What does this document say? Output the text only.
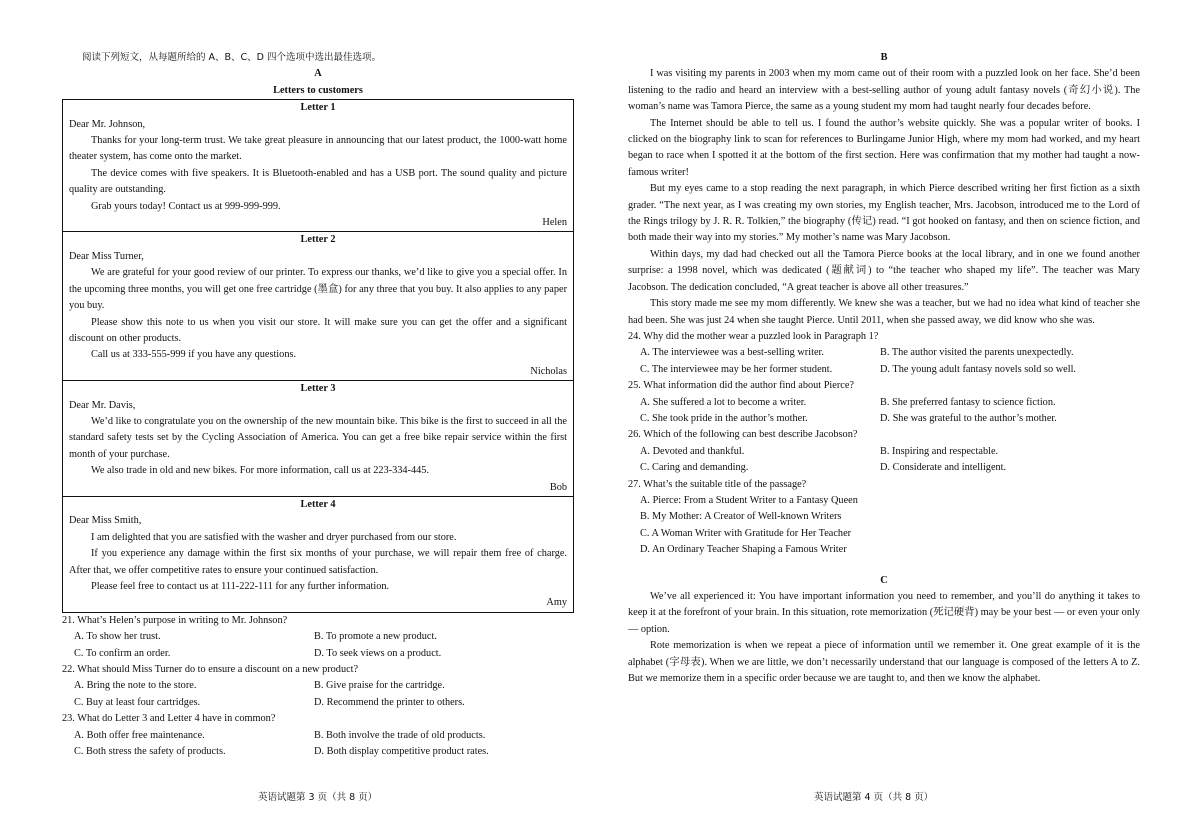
阅读下列短文，从每题所给的 A、B、C、D 四个选项中选出最佳选项。
A
Letters to customers
Letter 1

Dear Mr. Johnson,

Thanks for your long-term trust. We take great pleasure in announcing that our latest product, the 1000-watt home theater system, has come onto the market.

The device comes with five speakers. It is Bluetooth-enabled and has a USB port. The sound quality and picture quality are outstanding.

Grab yours today! Contact us at 999-999-999.

Helen
Letter 2

Dear Miss Turner,

We are grateful for your good review of our printer. To express our thanks, we’d like to give you a special offer. In the upcoming three months, you will get one free cartridge (墨盒) for any three that you buy. It also applies to any paper you buy.

Please show this note to us when you visit our store. It will make sure you can get the offer and a significant discount on other products.

Call us at 333-555-999 if you have any questions.

Nicholas
Letter 3

Dear Mr. Davis,

We’d like to congratulate you on the ownership of the new mountain bike. This bike is the first to succeed in all the standard safety tests set by the Cycling Association of America. You can get a free bike repair service within the first month of your purchase.

We also trade in old and new bikes. For more information, call us at 223-334-445.

Bob
Letter 4

Dear Miss Smith,

I am delighted that you are satisfied with the washer and dryer purchased from our store.

If you experience any damage within the first six months of your purchase, we will repair them free of charge. After that, we offer competitive rates to ensure your continued satisfaction.

Please feel free to contact us at 111-222-111 for any further information.

Amy
21. What’s Helen’s purpose in writing to Mr. Johnson?
A. To show her trust.	B. To promote a new product.
C. To confirm an order.	D. To seek views on a product.
22. What should Miss Turner do to ensure a discount on a new product?
A. Bring the note to the store.	B. Give praise for the cartridge.
C. Buy at least four cartridges.	D. Recommend the printer to others.
23. What do Letter 3 and Letter 4 have in common?
A. Both offer free maintenance.	B. Both involve the trade of old products.
C. Both stress the safety of products.	D. Both display competitive product rates.
B

I was visiting my parents in 2003 when my mom came out of their room with a puzzled look on her face. She’d been listening to the radio and heard an interview with a best-selling author of young adult fantasy novels (奇幻小说). The woman’s name was Tamora Pierce, the same as a young student my mom had taught nearly four decades before.

The Internet should be able to tell us. I found the author’s website quickly. She was a popular writer of books. I clicked on the biography link to scan for references to Burlingame Junior High, where my mom had worked, and my heart began to race when I spotted it at the bottom of the first section. Here was confirmation that my mother had taught a now-famous writer!

But my eyes came to a stop reading the next paragraph, in which Pierce described writing her first fiction as a sixth grader. “The next year, as I was creating my own stories, my English teacher, Mrs. Jacobson, introduced me to the Lord of the Rings trilogy by J. R. R. Tolkien,” the biography (传记) read. “I got hooked on fantasy, and then on science fiction, and both made their way into my stories.” My mother’s name was Mary Jacobson.

Within days, my dad had checked out all the Tamora Pierce books at the local library, and in one we found another surprise: a 1998 novel, which was dedicated (题献词) to “the teacher who shaped my life”. The teacher was Mary Jacobson. The dedication concluded, “A great teacher is above all other treasures.”

This story made me see my mom differently. We knew she was a teacher, but we had no idea what kind of teacher she had been. She was just 24 when she taught Pierce. Until 2011, when she passed away, we did know who she was.

24. Why did the mother wear a puzzled look in Paragraph 1?
A. The interviewee was a best-selling writer.	B. The author visited the parents unexpectedly.
C. The interviewee may be her former student.	D. The young adult fantasy novels sold so well.
25. What information did the author find about Pierce?
A. She suffered a lot to become a writer.	B. She preferred fantasy to science fiction.
C. She took pride in the author’s mother.	D. She was grateful to the author’s mother.
26. Which of the following can best describe Jacobson?
A. Devoted and thankful.	B. Inspiring and respectable.
C. Caring and demanding.	D. Considerate and intelligent.
27. What’s the suitable title of the passage?
A. Pierce: From a Student Writer to a Fantasy Queen
B. My Mother: A Creator of Well-known Writers
C. A Woman Writer with Gratitude for Her Teacher
D. An Ordinary Teacher Shaping a Famous Writer
C

We’ve all experienced it: You have important information you need to remember, and you’ll do anything it takes to keep it at the forefront of your brain. In this situation, rote memorization (死记硬背) may be your best — or even your only — option.

Rote memorization is when we repeat a piece of information until we remember it. One great example of it is the alphabet (字母表). When we are little, we don’t necessarily understand that our language is composed of the letters A to Z. But we memorize them in a specific order because we are taught to, and then we know the alphabet.

英语试题第 3 页（共 8 页）	英语试题第 4 页（共 8 页）
